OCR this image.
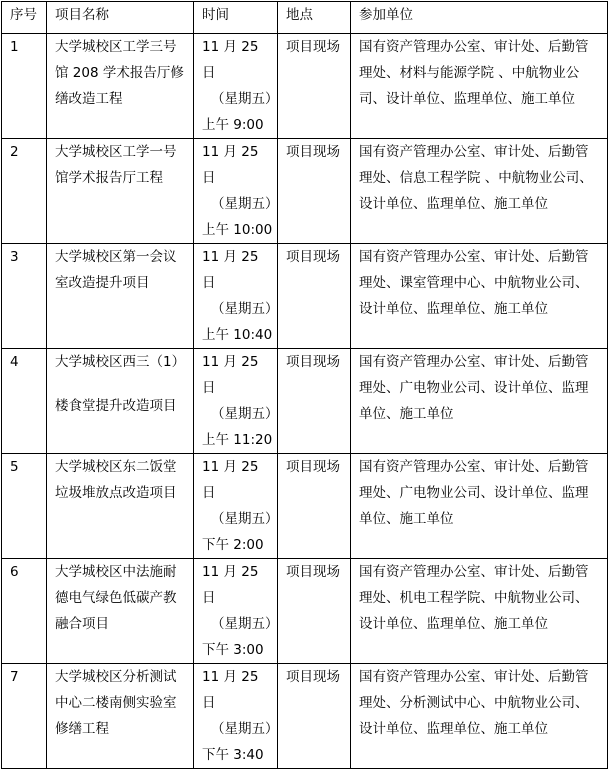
序号	项目名称	时间	地点	参加单位
1	大学城校区工学三号
馆 208 学术报告厅修
缮改造工程	11 月 25 日
（星期五）
上午 9:00	项目现场	国有资产管理办公室、审计处、后勤管
理处、材料与能源学院 、中航物业公
司、设计单位、监理单位、施工单位

2	大学城校区工学一号
馆学术报告厅工程	11 月 25 日
（星期五）
上午 10:00	项目现场	国有资产管理办公室、审计处、后勤管
理处、信息工程学院 、中航物业公司、
设计单位、监理单位、施工单位

3	大学城校区第一会议
室改造提升项目	11 月 25 日
（星期五）
上午 10:40	项目现场	国有资产管理办公室、审计处、后勤管
理处、课室管理中心、中航物业公司、
设计单位、监理单位、施工单位

4	大学城校区西三（1）
楼食堂提升改造项目	11 月 25 日
（星期五）
上午 11:20	项目现场	国有资产管理办公室、审计处、后勤管
理处、广电物业公司、设计单位、监理
单位、施工单位

5	大学城校区东二饭堂
垃圾堆放点改造项目	11 月 25 日
（星期五）
下午 2:00	项目现场	国有资产管理办公室、审计处、后勤管
理处、广电物业公司、设计单位、监理
单位、施工单位

6	大学城校区中法施耐
德电气绿色低碳产教
融合项目	11 月 25 日
（星期五）
下午 3:00	项目现场	国有资产管理办公室、审计处、后勤管
理处、机电工程学院、中航物业公司、
设计单位、监理单位、施工单位

7	大学城校区分析测试
中心二楼南侧实验室
修缮工程	11 月 25 日
（星期五）
下午 3:40	项目现场	国有资产管理办公室、审计处、后勤管
理处、分析测试中心、中航物业公司、
设计单位、监理单位、施工单位
